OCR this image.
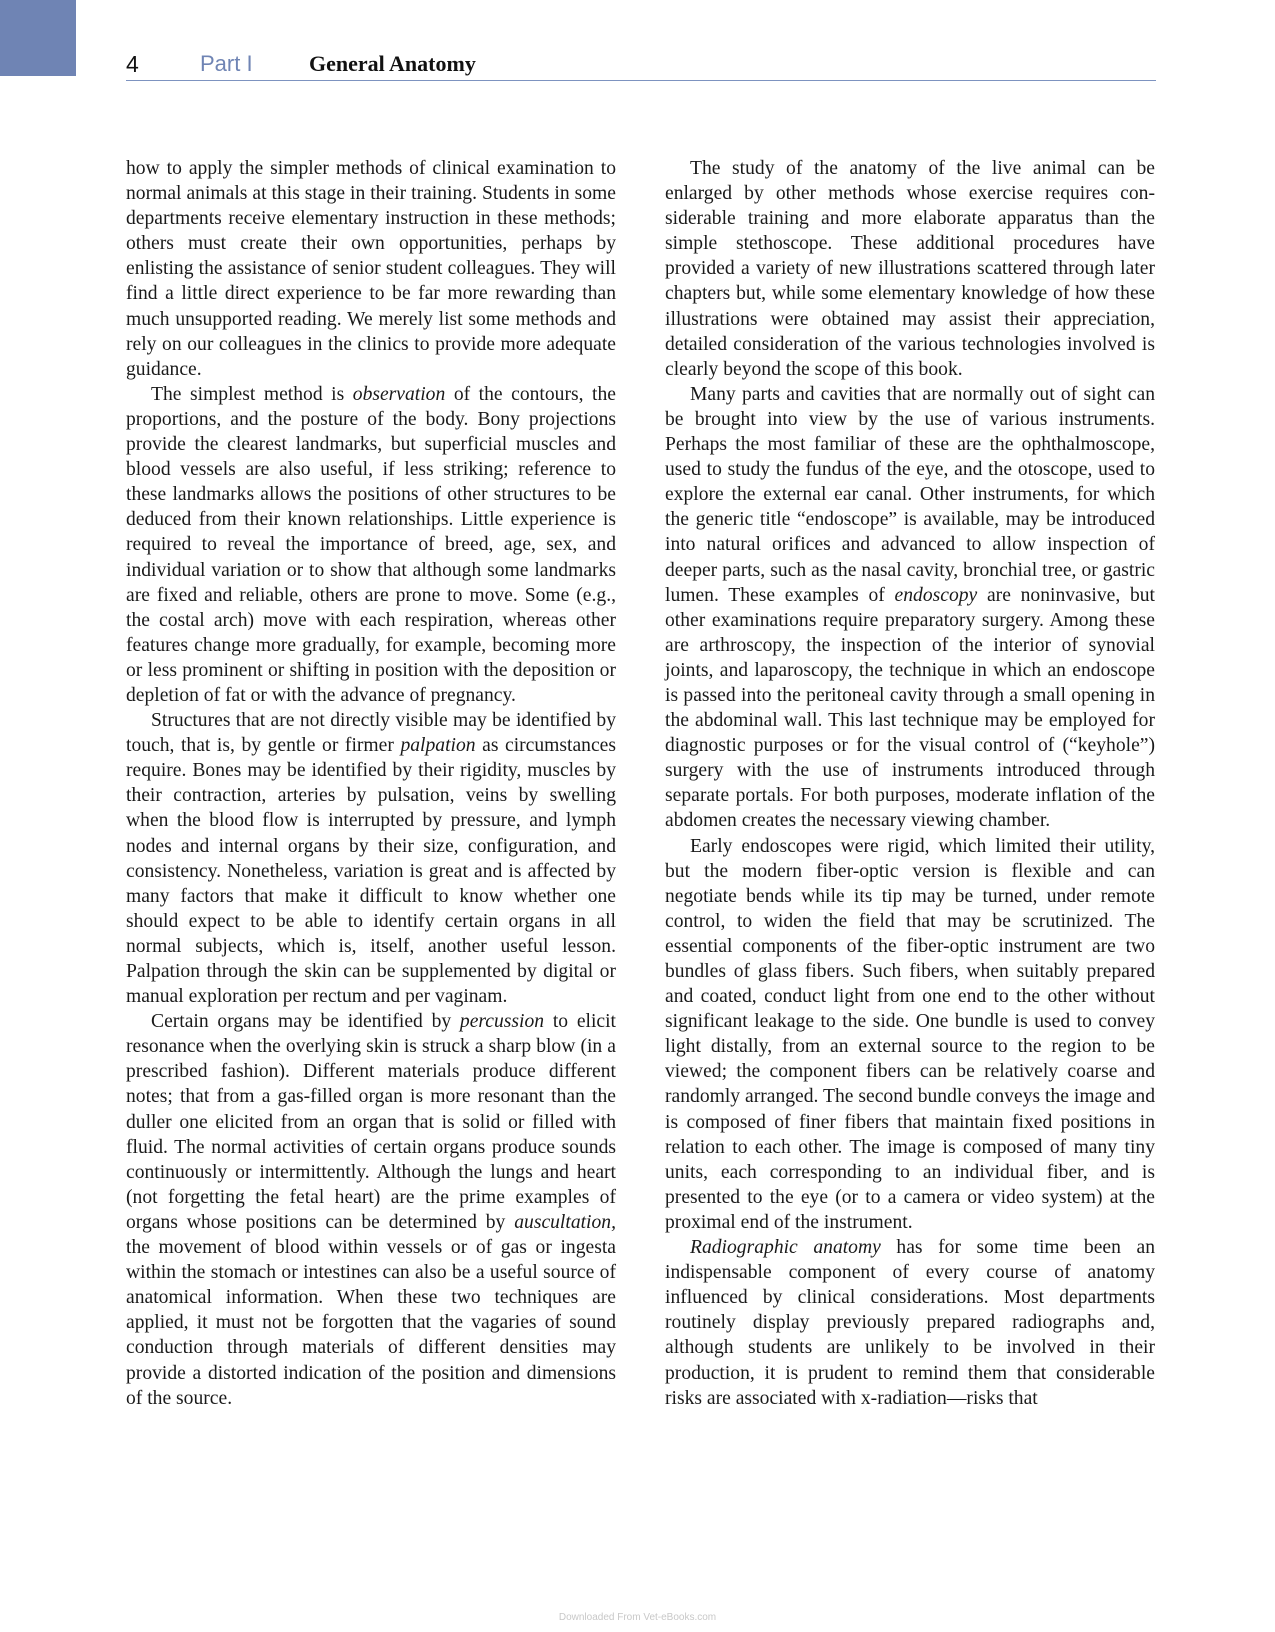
4	Part I	General Anatomy

how to apply the simpler methods of clinical examination to normal animals at this stage in their training. Students in some departments receive elementary instruction in these methods; others must create their own opportunities, perhaps by enlisting the assistance of senior student colleagues. They will find a little direct experience to be far more rewarding than much unsupported reading. We merely list some methods and rely on our colleagues in the clinics to provide more adequate guidance.

The simplest method is observation of the contours, the proportions, and the posture of the body. Bony projections provide the clearest landmarks, but superficial muscles and blood vessels are also useful, if less striking; reference to these landmarks allows the positions of other structures to be deduced from their known relationships. Little experience is required to reveal the importance of breed, age, sex, and individual variation or to show that although some landmarks are fixed and reliable, others are prone to move. Some (e.g., the costal arch) move with each respiration, whereas other features change more gradually, for example, becoming more or less prominent or shifting in position with the deposition or depletion of fat or with the advance of pregnancy.

Structures that are not directly visible may be identified by touch, that is, by gentle or firmer palpation as circumstances require. Bones may be identified by their rigidity, muscles by their contraction, arteries by pulsation, veins by swelling when the blood flow is interrupted by pressure, and lymph nodes and internal organs by their size, configuration, and consistency. Nonetheless, variation is great and is affected by many factors that make it difficult to know whether one should expect to be able to identify certain organs in all normal subjects, which is, itself, another useful lesson. Palpation through the skin can be supplemented by digital or manual exploration per rectum and per vaginam.

Certain organs may be identified by percussion to elicit resonance when the overlying skin is struck a sharp blow (in a prescribed fashion). Different materials produce different notes; that from a gas-filled organ is more resonant than the duller one elicited from an organ that is solid or filled with fluid. The normal activities of certain organs produce sounds continuously or intermittently. Although the lungs and heart (not forgetting the fetal heart) are the prime examples of organs whose positions can be determined by auscultation, the movement of blood within vessels or of gas or ingesta within the stomach or intestines can also be a useful source of anatomical information. When these two techniques are applied, it must not be forgotten that the vagaries of sound conduction through materials of different densities may provide a distorted indication of the position and dimensions of the source.

The study of the anatomy of the live animal can be enlarged by other methods whose exercise requires considerable training and more elaborate apparatus than the simple stethoscope. These additional procedures have provided a variety of new illustrations scattered through later chapters but, while some elementary knowledge of how these illustrations were obtained may assist their appreciation, detailed consideration of the various technologies involved is clearly beyond the scope of this book.

Many parts and cavities that are normally out of sight can be brought into view by the use of various instruments. Perhaps the most familiar of these are the ophthalmoscope, used to study the fundus of the eye, and the otoscope, used to explore the external ear canal. Other instruments, for which the generic title “endoscope” is available, may be introduced into natural orifices and advanced to allow inspection of deeper parts, such as the nasal cavity, bronchial tree, or gastric lumen. These examples of endoscopy are noninvasive, but other examinations require preparatory surgery. Among these are arthroscopy, the inspection of the interior of synovial joints, and laparoscopy, the technique in which an endoscope is passed into the peritoneal cavity through a small opening in the abdominal wall. This last technique may be employed for diagnostic purposes or for the visual control of (“keyhole”) surgery with the use of instruments introduced through separate portals. For both purposes, moderate inflation of the abdomen creates the necessary viewing chamber.

Early endoscopes were rigid, which limited their utility, but the modern fiber-optic version is flexible and can negotiate bends while its tip may be turned, under remote control, to widen the field that may be scrutinized. The essential components of the fiber-optic instrument are two bundles of glass fibers. Such fibers, when suitably prepared and coated, conduct light from one end to the other without significant leakage to the side. One bundle is used to convey light distally, from an external source to the region to be viewed; the component fibers can be relatively coarse and randomly arranged. The second bundle conveys the image and is composed of finer fibers that maintain fixed positions in relation to each other. The image is composed of many tiny units, each corresponding to an individual fiber, and is presented to the eye (or to a camera or video system) at the proximal end of the instrument.

Radiographic anatomy has for some time been an indispensable component of every course of anatomy influenced by clinical considerations. Most departments routinely display previously prepared radiographs and, although students are unlikely to be involved in their production, it is prudent to remind them that considerable risks are associated with x-radiation—risks that

Downloaded From Vet-eBooks.com
